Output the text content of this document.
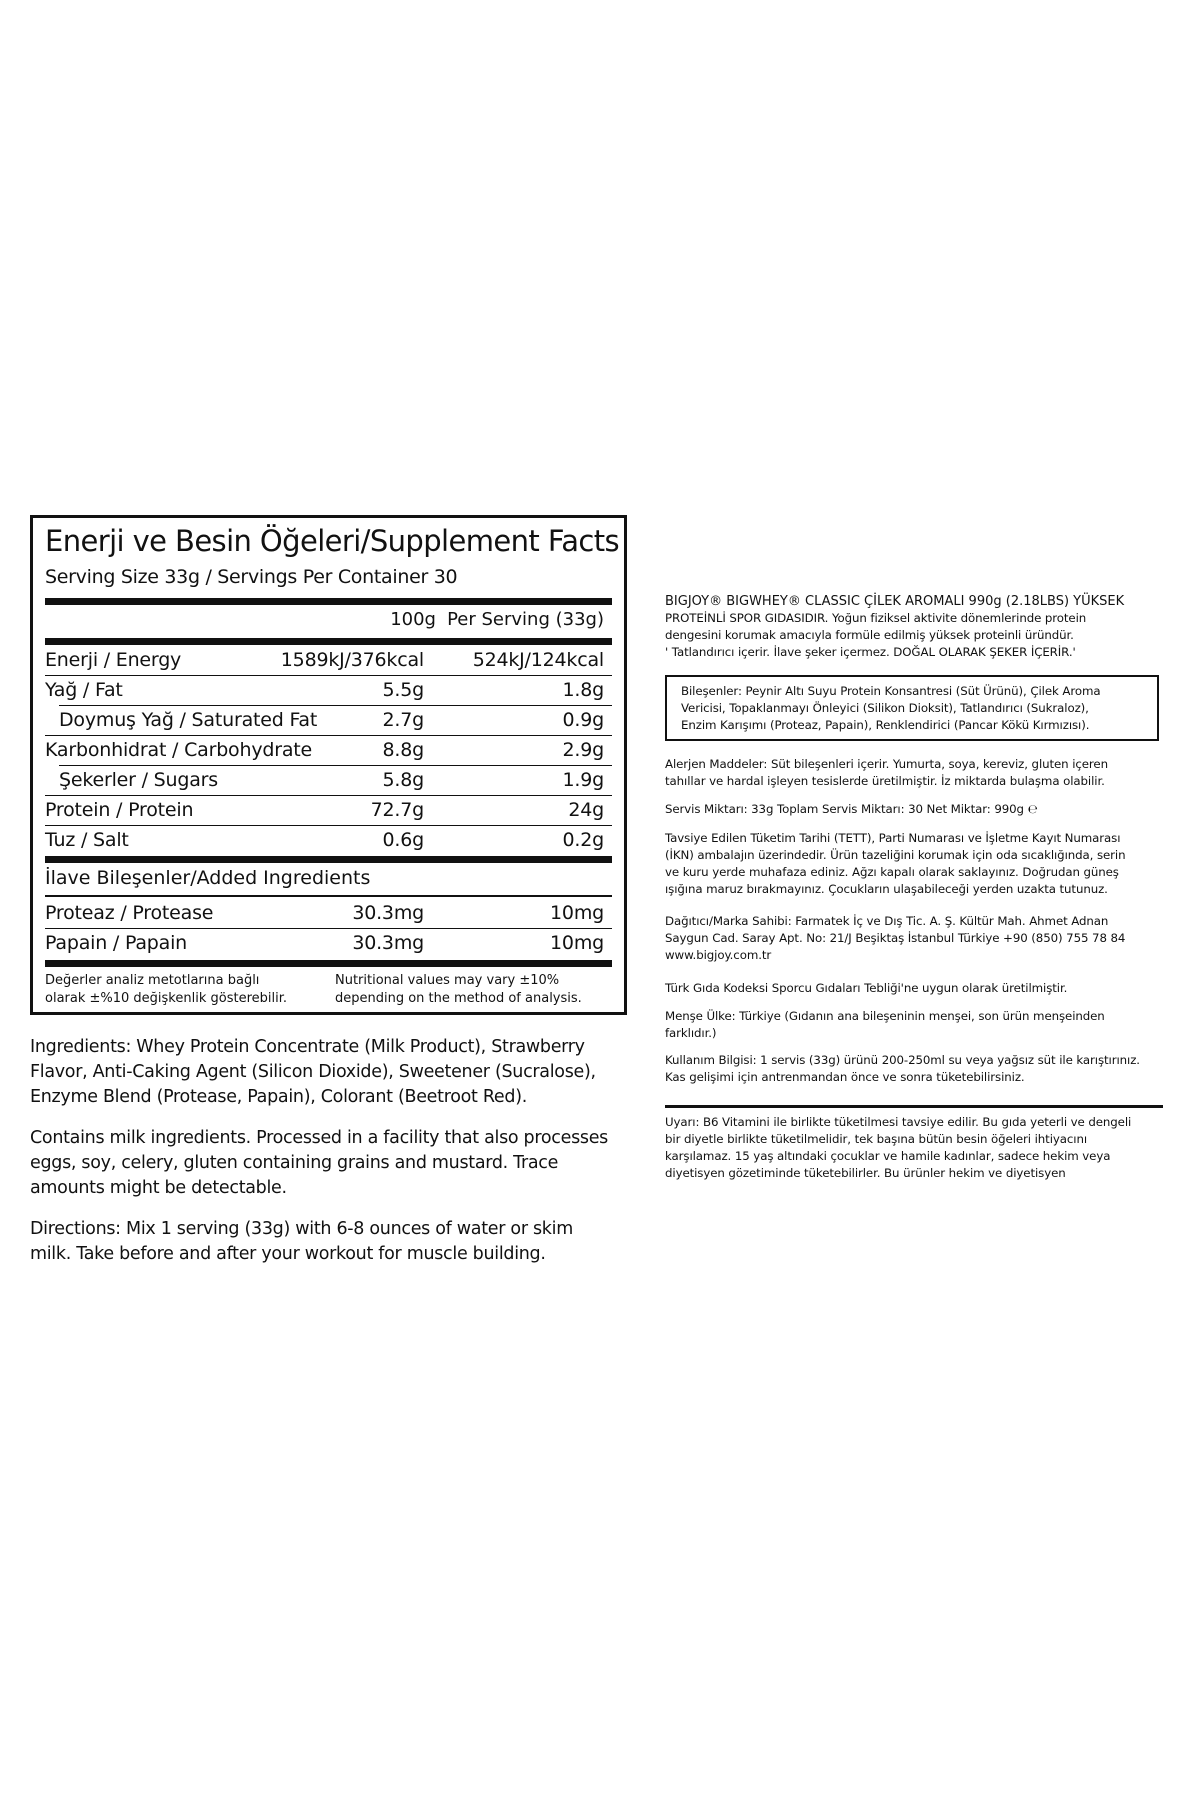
Enerji ve Besin Öğeleri/Supplement Facts
Serving Size 33g / Servings Per Container 30
100g Per Serving (33g)
Enerji / Energy	1589kJ/376kcal	524kJ/124kcal
Yağ / Fat	5.5g	1.8g
Doymuş Yağ / Saturated Fat	2.7g	0.9g
Karbonhidrat / Carbohydrate	8.8g	2.9g
Şekerler / Sugars	5.8g	1.9g
Protein / Protein	72.7g	24g
Tuz / Salt	0.6g	0.2g
İlave Bileşenler/Added Ingredients
Proteaz / Protease	30.3mg	10mg
Papain / Papain	30.3mg	10mg
Değerler analiz metotlarına bağlı
olarak ±%10 değişkenlik gösterebilir.
Nutritional values may vary ±10%
depending on the method of analysis.
Ingredients: Whey Protein Concentrate (Milk Product), Strawberry
Flavor, Anti-Caking Agent (Silicon Dioxide), Sweetener (Sucralose),
Enzyme Blend (Protease, Papain), Colorant (Beetroot Red).
Contains milk ingredients. Processed in a facility that also processes
eggs, soy, celery, gluten containing grains and mustard. Trace
amounts might be detectable.
Directions: Mix 1 serving (33g) with 6-8 ounces of water or skim
milk. Take before and after your workout for muscle building.
BIGJOY® BIGWHEY® CLASSIC ÇİLEK AROMALI 990g (2.18LBS) YÜKSEK
PROTEİNLİ SPOR GIDASIDIR. Yoğun fiziksel aktivite dönemlerinde protein
dengesini korumak amacıyla formüle edilmiş yüksek proteinli üründür.
' Tatlandırıcı içerir. İlave şeker içermez. DOĞAL OLARAK ŞEKER İÇERİR.'
Bileşenler: Peynir Altı Suyu Protein Konsantresi (Süt Ürünü), Çilek Aroma
Vericisi, Topaklanmayı Önleyici (Silikon Dioksit), Tatlandırıcı (Sukraloz),
Enzim Karışımı (Proteaz, Papain), Renklendirici (Pancar Kökü Kırmızısı).
Alerjen Maddeler: Süt bileşenleri içerir. Yumurta, soya, kereviz, gluten içeren
tahıllar ve hardal işleyen tesislerde üretilmiştir. İz miktarda bulaşma olabilir.
Servis Miktarı: 33g Toplam Servis Miktarı: 30 Net Miktar: 990g ℮
Tavsiye Edilen Tüketim Tarihi (TETT), Parti Numarası ve İşletme Kayıt Numarası
(İKN) ambalajın üzerindedir. Ürün tazeliğini korumak için oda sıcaklığında, serin
ve kuru yerde muhafaza ediniz. Ağzı kapalı olarak saklayınız. Doğrudan güneş
ışığına maruz bırakmayınız. Çocukların ulaşabileceği yerden uzakta tutunuz.
Dağıtıcı/Marka Sahibi: Farmatek İç ve Dış Tic. A. Ş. Kültür Mah. Ahmet Adnan
Saygun Cad. Saray Apt. No: 21/J Beşiktaş İstanbul Türkiye +90 (850) 755 78 84
www.bigjoy.com.tr
Türk Gıda Kodeksi Sporcu Gıdaları Tebliği'ne uygun olarak üretilmiştir.
Menşe Ülke: Türkiye (Gıdanın ana bileşeninin menşei, son ürün menşeinden
farklıdır.)
Kullanım Bilgisi: 1 servis (33g) ürünü 200-250ml su veya yağsız süt ile karıştırınız.
Kas gelişimi için antrenmandan önce ve sonra tüketebilirsiniz.
Uyarı: B6 Vitamini ile birlikte tüketilmesi tavsiye edilir. Bu gıda yeterli ve dengeli
bir diyetle birlikte tüketilmelidir, tek başına bütün besin öğeleri ihtiyacını
karşılamaz. 15 yaş altındaki çocuklar ve hamile kadınlar, sadece hekim veya
diyetisyen gözetiminde tüketebilirler. Bu ürünler hekim ve diyetisyen
